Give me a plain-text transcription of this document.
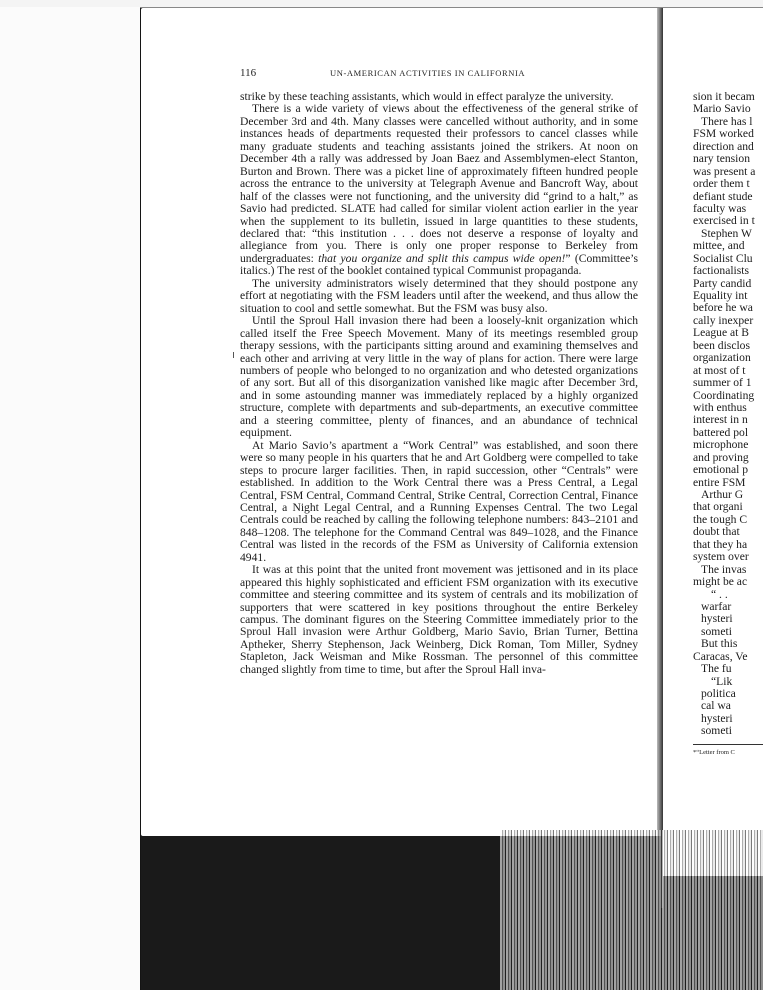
116	UN-AMERICAN ACTIVITIES IN CALIFORNIA

strike by these teaching assistants, which would in effect paralyze the university.

There is a wide variety of views about the effectiveness of the general strike of December 3rd and 4th. Many classes were cancelled without authority, and in some instances heads of departments requested their professors to cancel classes while many graduate students and teaching assistants joined the strikers. At noon on December 4th a rally was addressed by Joan Baez and Assemblymen-elect Stanton, Burton and Brown. There was a picket line of approximately fifteen hundred people across the entrance to the university at Telegraph Avenue and Bancroft Way, about half of the classes were not functioning, and the university did “grind to a halt,” as Savio had predicted. SLATE had called for similar violent action earlier in the year when the supplement to its bulletin, issued in large quantities to these students, declared that: “this institution . . . does not deserve a response of loyalty and allegiance from you. There is only one proper response to Berkeley from undergraduates: that you organize and split this campus wide open!” (Committee’s italics.) The rest of the booklet contained typical Communist propaganda.

The university administrators wisely determined that they should postpone any effort at negotiating with the FSM leaders until after the weekend, and thus allow the situation to cool and settle somewhat. But the FSM was busy also.

Until the Sproul Hall invasion there had been a loosely-knit organization which called itself the Free Speech Movement. Many of its meetings resembled group therapy sessions, with the participants sitting around and examining themselves and each other and arriving at very little in the way of plans for action. There were large numbers of people who belonged to no organization and who detested organizations of any sort. But all of this disorganization vanished like magic after December 3rd, and in some astounding manner was immediately replaced by a highly organized structure, complete with departments and sub-departments, an executive committee and a steering committee, plenty of finances, and an abundance of technical equipment.

At Mario Savio’s apartment a “Work Central” was established, and soon there were so many people in his quarters that he and Art Goldberg were compelled to take steps to procure larger facilities. Then, in rapid succession, other “Centrals” were established. In addition to the Work Central there was a Press Central, a Legal Central, FSM Central, Command Central, Strike Central, Correction Central, Finance Central, a Night Legal Central, and a Running Expenses Central. The two Legal Centrals could be reached by calling the following telephone numbers: 843–2101 and 848–1208. The telephone for the Command Central was 849–1028, and the Finance Central was listed in the records of the FSM as University of California extension 4941.

It was at this point that the united front movement was jettisoned and in its place appeared this highly sophisticated and efficient FSM organization with its executive committee and steering committee and its system of centrals and its mobilization of supporters that were scattered in key positions throughout the entire Berkeley campus. The dominant figures on the Steering Committee immediately prior to the Sproul Hall invasion were Arthur Goldberg, Mario Savio, Brian Turner, Bettina Aptheker, Sherry Stephenson, Jack Weinberg, Dick Roman, Tom Miller, Sydney Stapleton, Jack Weisman and Mike Rossman. The personnel of this committee changed slightly from time to time, but after the Sproul Hall inva-

sion it becam
Mario Savio
There has l
FSM worked
direction and
nary tension
was present a
order them t
defiant stude
faculty was
exercised in t
Stephen W
mittee, and
Socialist Clu
factionalists
Party candid
Equality int
before he wa
cally inexper
League at B
been disclos
organization
at most of t
summer of 1
Coordinating
with enthus
interest in n
battered pol
microphone
and proving
emotional p
entire FSM
Arthur G
that organi
the tough C
doubt that
that they ha
system over
The invas
might be ac
“ . .
warfar
hysteri
someti
But this
Caracas, Ve
The fu
“Lik
politica
cal wa
hysteri
someti
*“Letter from C
